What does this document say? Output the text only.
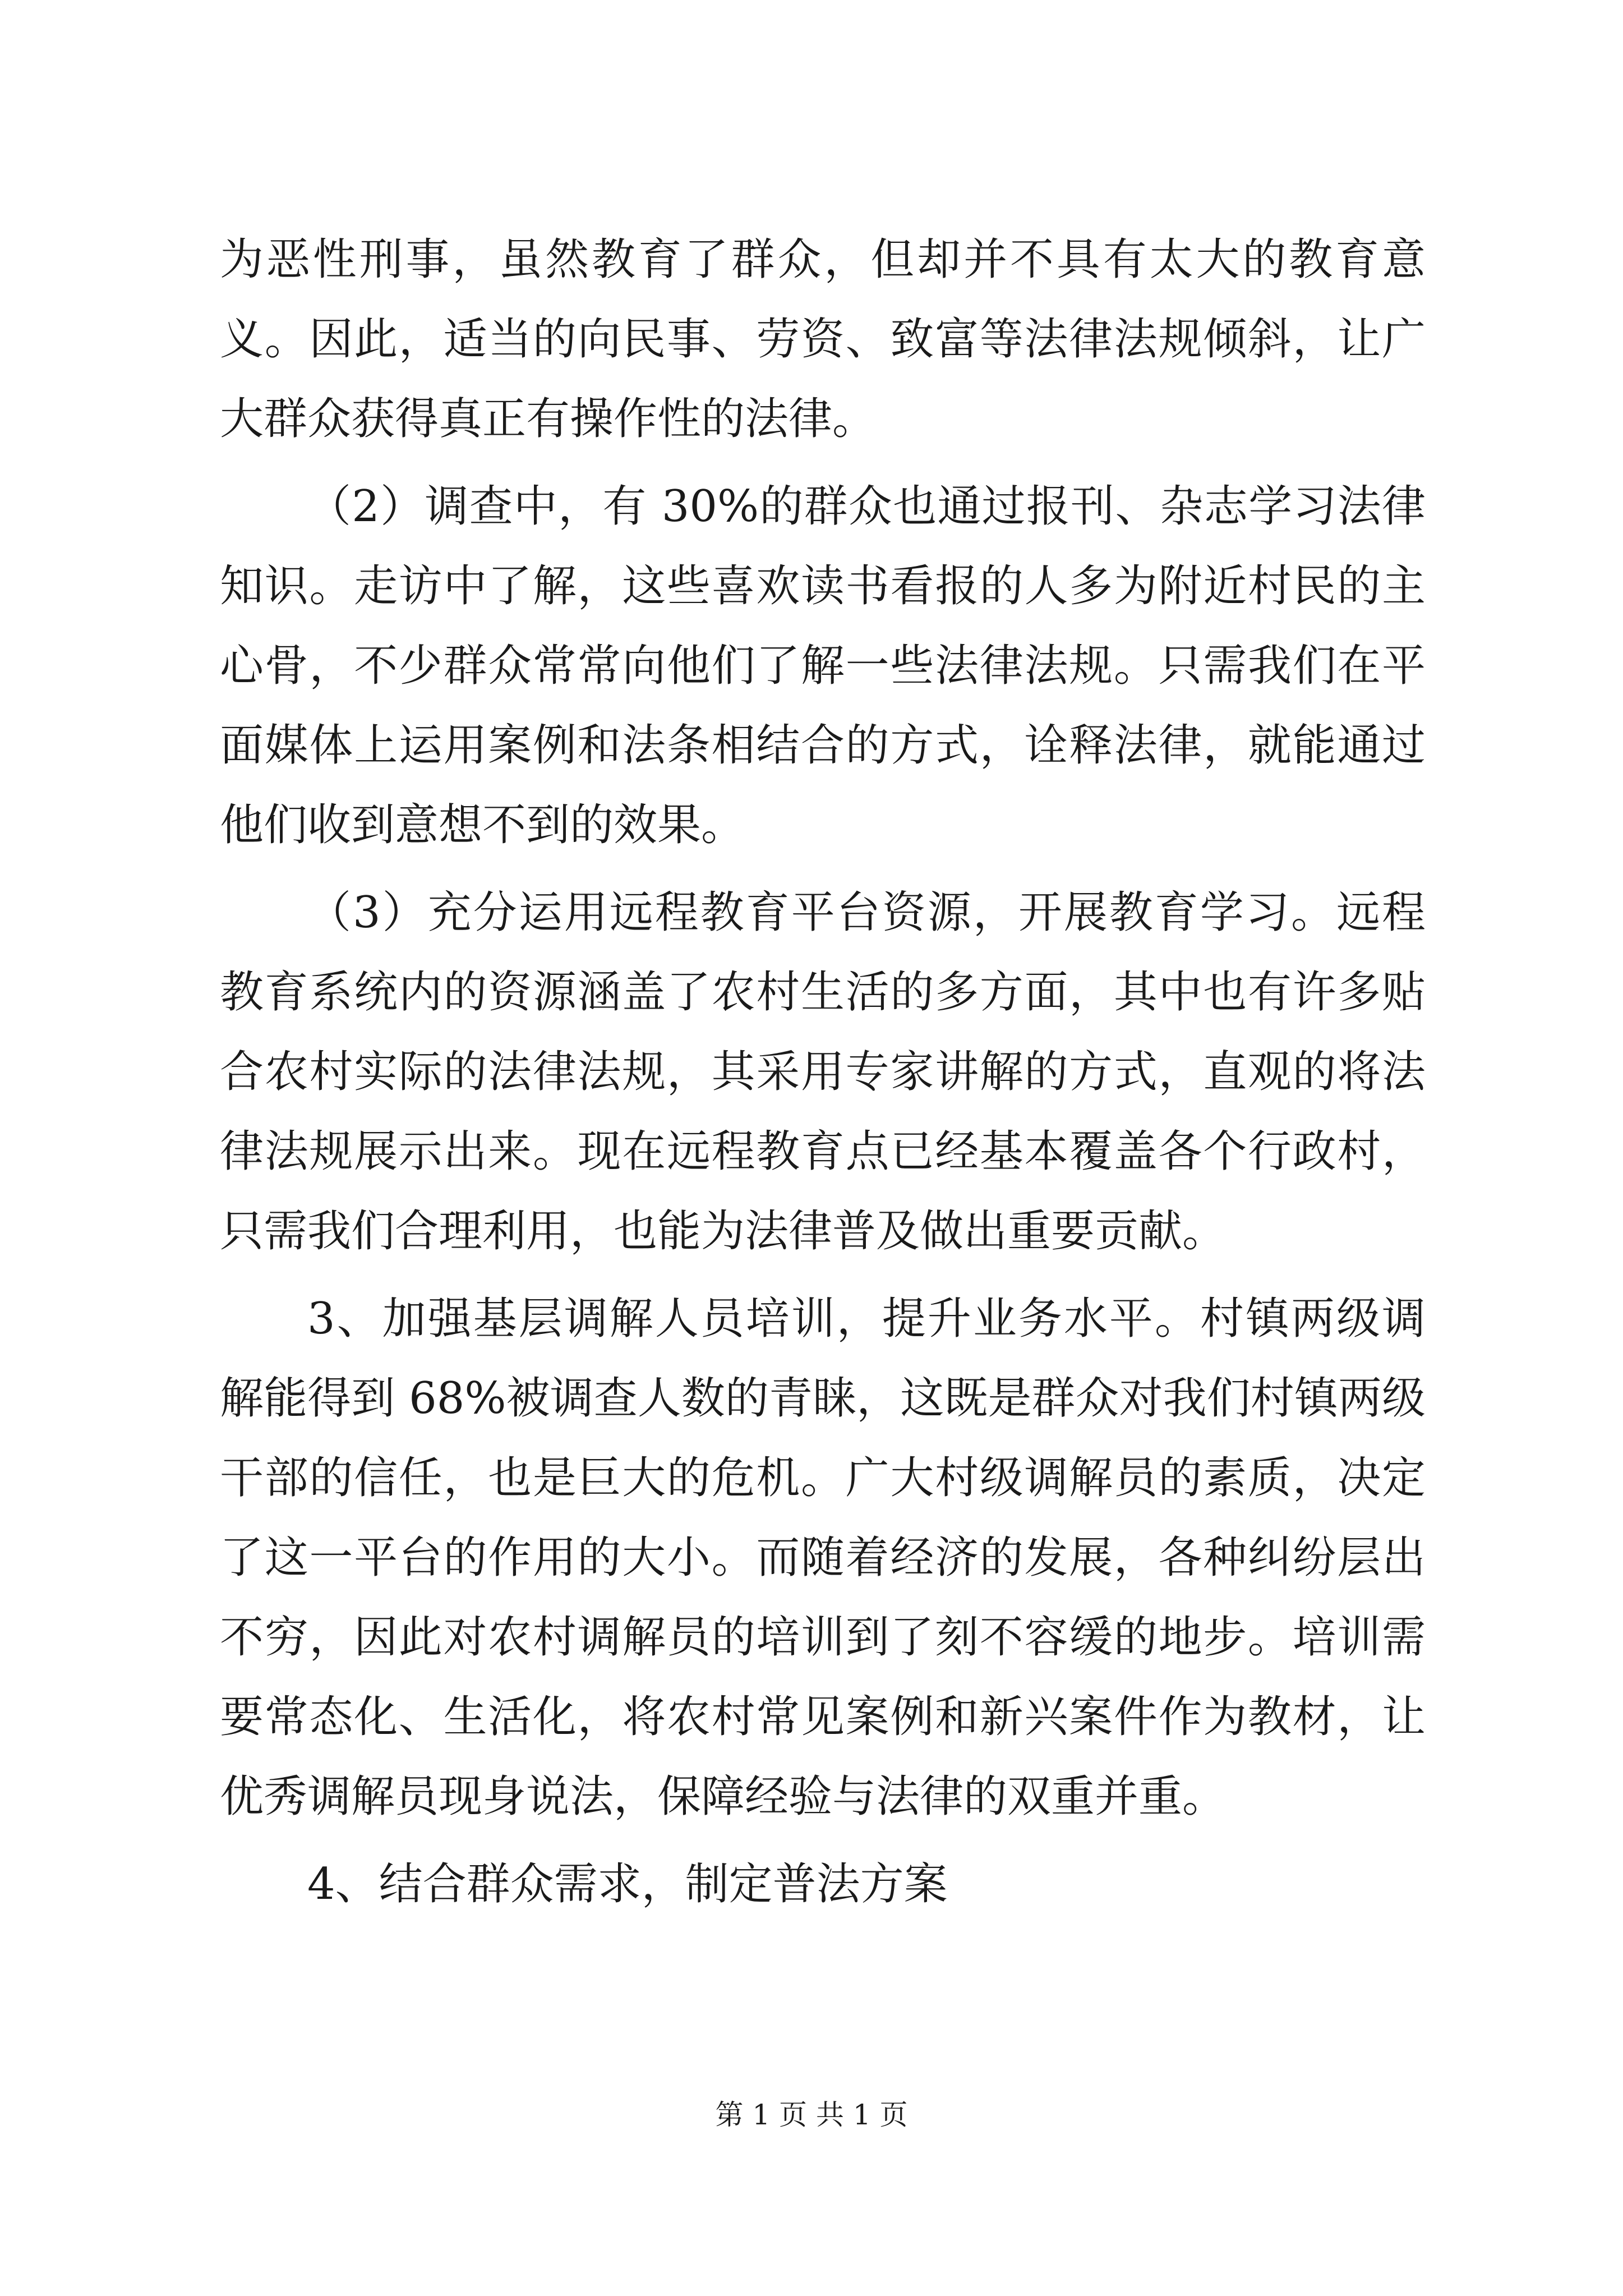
为恶性刑事，虽然教育了群众，但却并不具有太大的教育意义。因此，适当的向民事、劳资、致富等法律法规倾斜，让广大群众获得真正有操作性的法律。

（2）调查中，有 30%的群众也通过报刊、杂志学习法律知识。走访中了解，这些喜欢读书看报的人多为附近村民的主心骨，不少群众常常向他们了解一些法律法规。只需我们在平面媒体上运用案例和法条相结合的方式，诠释法律，就能通过他们收到意想不到的效果。

（3）充分运用远程教育平台资源，开展教育学习。远程教育系统内的资源涵盖了农村生活的多方面，其中也有许多贴合农村实际的法律法规，其采用专家讲解的方式，直观的将法律法规展示出来。现在远程教育点已经基本覆盖各个行政村，只需我们合理利用，也能为法律普及做出重要贡献。

3、加强基层调解人员培训，提升业务水平。村镇两级调解能得到 68%被调查人数的青睐，这既是群众对我们村镇两级干部的信任，也是巨大的危机。广大村级调解员的素质，决定了这一平台的作用的大小。而随着经济的发展，各种纠纷层出不穷，因此对农村调解员的培训到了刻不容缓的地步。培训需要常态化、生活化，将农村常见案例和新兴案件作为教材，让优秀调解员现身说法，保障经验与法律的双重并重。

4、结合群众需求，制定普法方案

第 1 页 共 1 页
